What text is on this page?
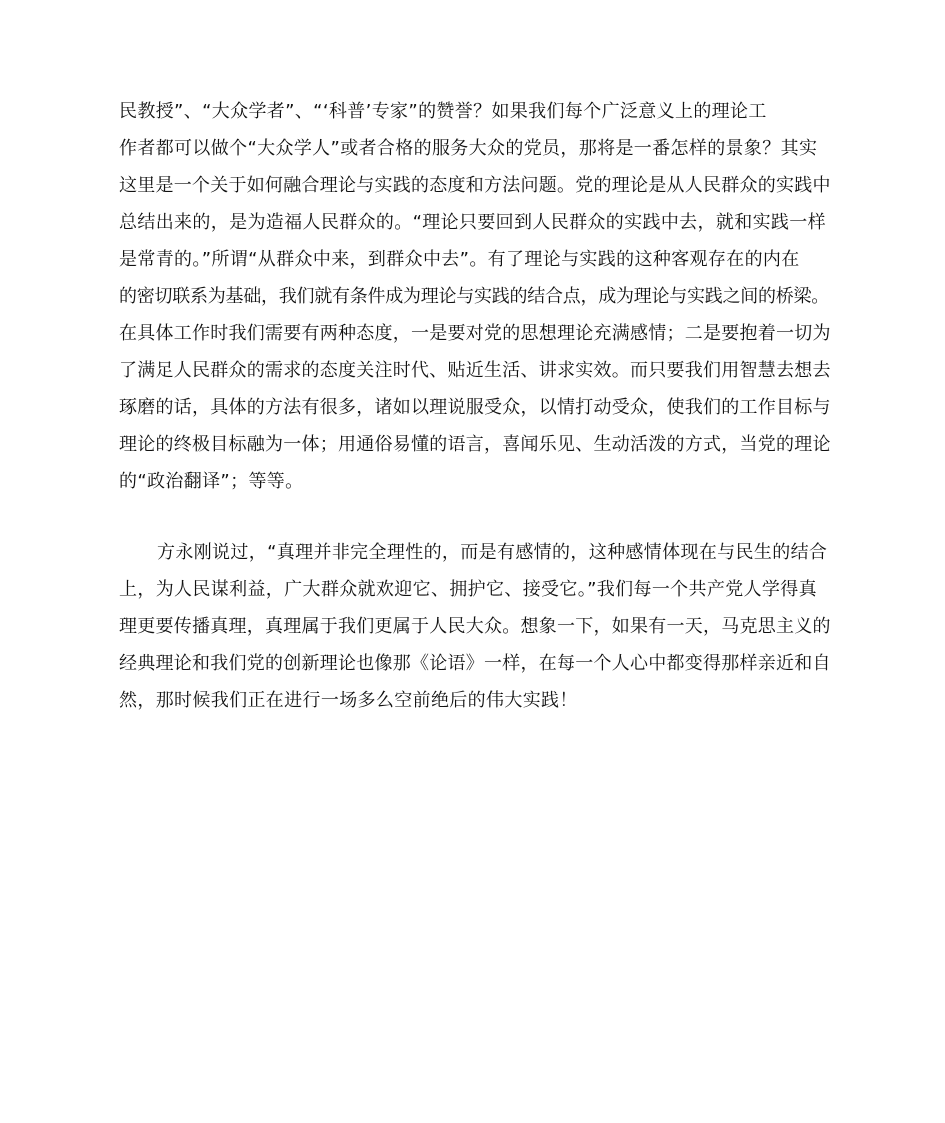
民教授”、“大众学者”、“‘科普’专家”的赞誉？如果我们每个广泛意义上的理论工
作者都可以做个“大众学人”或者合格的服务大众的党员，那将是一番怎样的景象？其实
这里是一个关于如何融合理论与实践的态度和方法问题。党的理论是从人民群众的实践中
总结出来的，是为造福人民群众的。“理论只要回到人民群众的实践中去，就和实践一样
是常青的。”所谓“从群众中来，到群众中去”。有了理论与实践的这种客观存在的内在
的密切联系为基础，我们就有条件成为理论与实践的结合点，成为理论与实践之间的桥梁。
在具体工作时我们需要有两种态度，一是要对党的思想理论充满感情；二是要抱着一切为
了满足人民群众的需求的态度关注时代、贴近生活、讲求实效。而只要我们用智慧去想去
琢磨的话，具体的方法有很多，诸如以理说服受众，以情打动受众，使我们的工作目标与
理论的终极目标融为一体；用通俗易懂的语言，喜闻乐见、生动活泼的方式，当党的理论
的“政治翻译”；等等。
方永刚说过，“真理并非完全理性的，而是有感情的，这种感情体现在与民生的结合
上，为人民谋利益，广大群众就欢迎它、拥护它、接受它。”我们每一个共产党人学得真
理更要传播真理，真理属于我们更属于人民大众。想象一下，如果有一天，马克思主义的
经典理论和我们党的创新理论也像那《论语》一样，在每一个人心中都变得那样亲近和自
然，那时候我们正在进行一场多么空前绝后的伟大实践！
